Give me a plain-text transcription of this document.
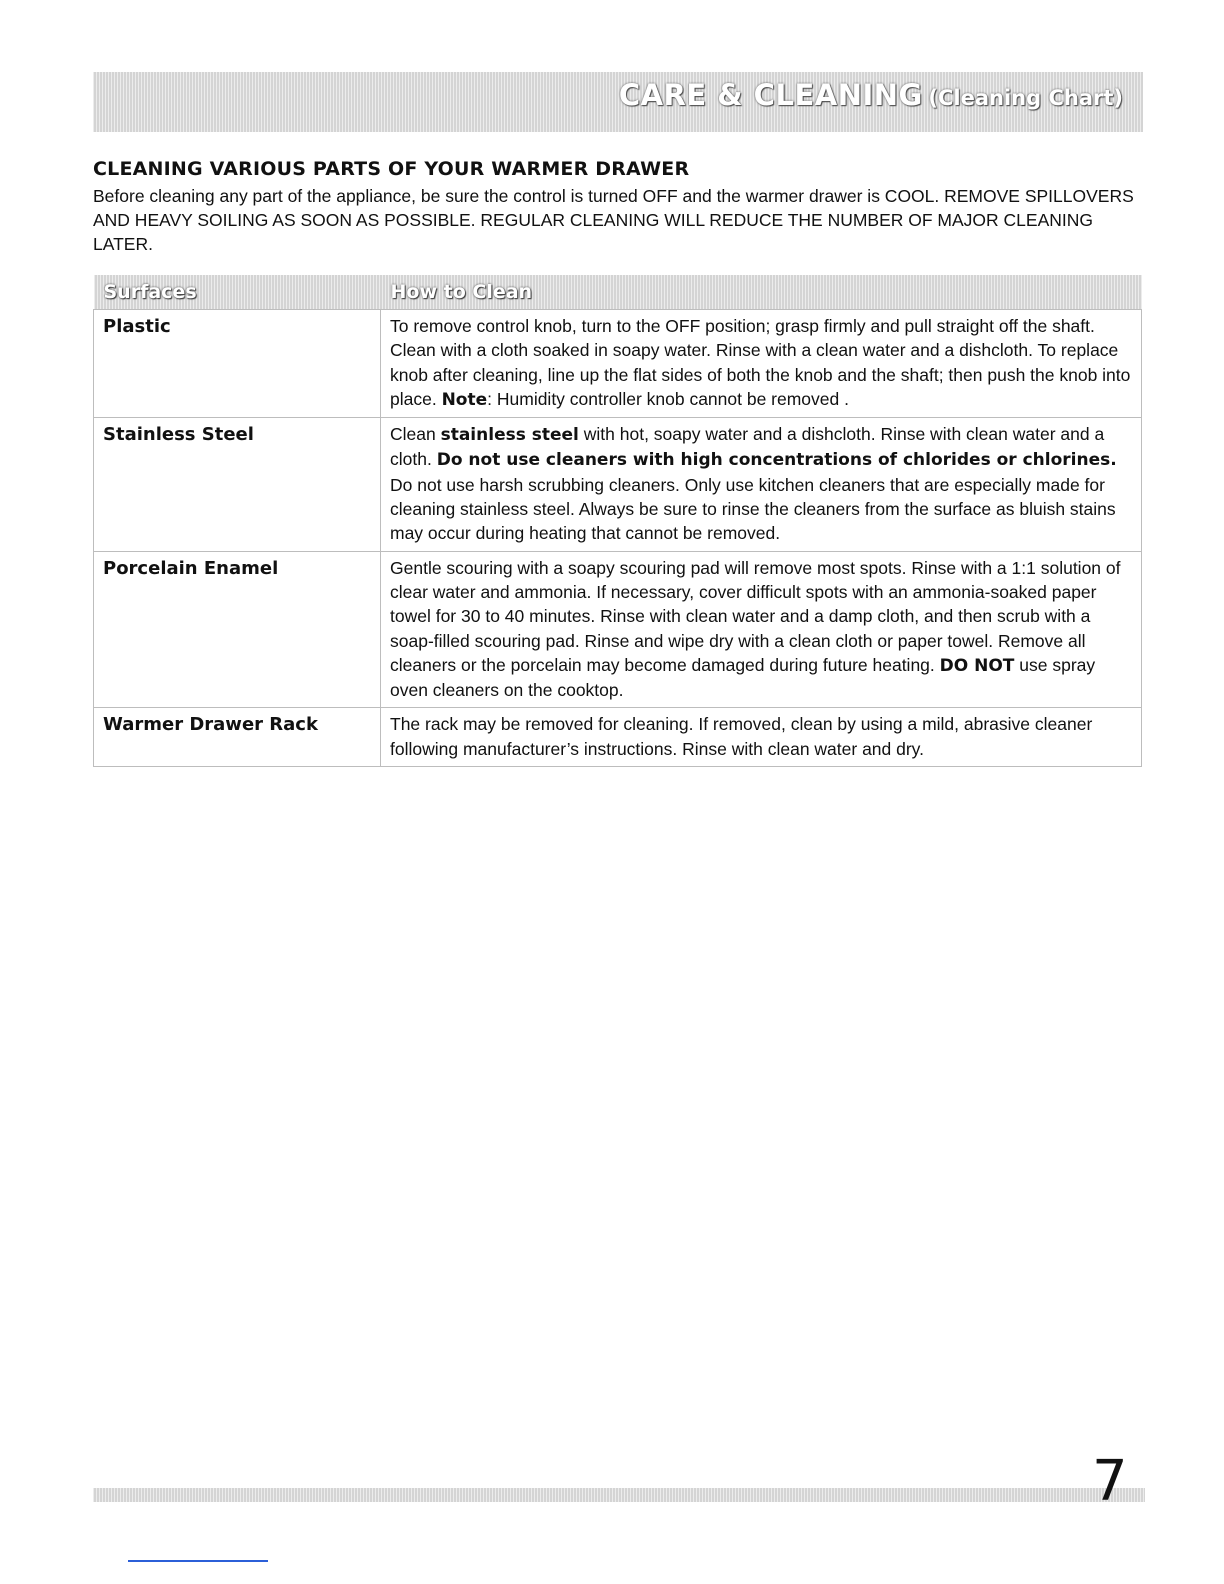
CARE & CLEANING (Cleaning Chart)
CLEANING VARIOUS PARTS OF YOUR WARMER DRAWER
Before cleaning any part of the appliance, be sure the control is turned OFF and the warmer drawer is COOL. REMOVE SPILLOVERS AND HEAVY SOILING AS SOON AS POSSIBLE. REGULAR CLEANING WILL REDUCE THE NUMBER OF MAJOR CLEANING LATER.
Surfaces	How to Clean
Plastic	To remove control knob, turn to the OFF position; grasp firmly and pull straight off the shaft. Clean with a cloth soaked in soapy water. Rinse with a clean water and a dishcloth. To replace knob after cleaning, line up the flat sides of both the knob and the shaft; then push the knob into place. Note: Humidity controller knob cannot be removed .
Stainless Steel	Clean stainless steel with hot, soapy water and a dishcloth. Rinse with clean water and a cloth. Do not use cleaners with high concentrations of chlorides or chlorines. Do not use harsh scrubbing cleaners. Only use kitchen cleaners that are especially made for cleaning stainless steel. Always be sure to rinse the cleaners from the surface as bluish stains may occur during heating that cannot be removed.
Porcelain Enamel	Gentle scouring with a soapy scouring pad will remove most spots. Rinse with a 1:1 solution of clear water and ammonia. If necessary, cover difficult spots with an ammonia-soaked paper towel for 30 to 40 minutes. Rinse with clean water and a damp cloth, and then scrub with a soap-filled scouring pad. Rinse and wipe dry with a clean cloth or paper towel. Remove all cleaners or the porcelain may become damaged during future heating. DO NOT use spray oven cleaners on the cooktop.
Warmer Drawer Rack	The rack may be removed for cleaning. If removed, clean by using a mild, abrasive cleaner following manufacturer’s instructions. Rinse with clean water and dry.
7
